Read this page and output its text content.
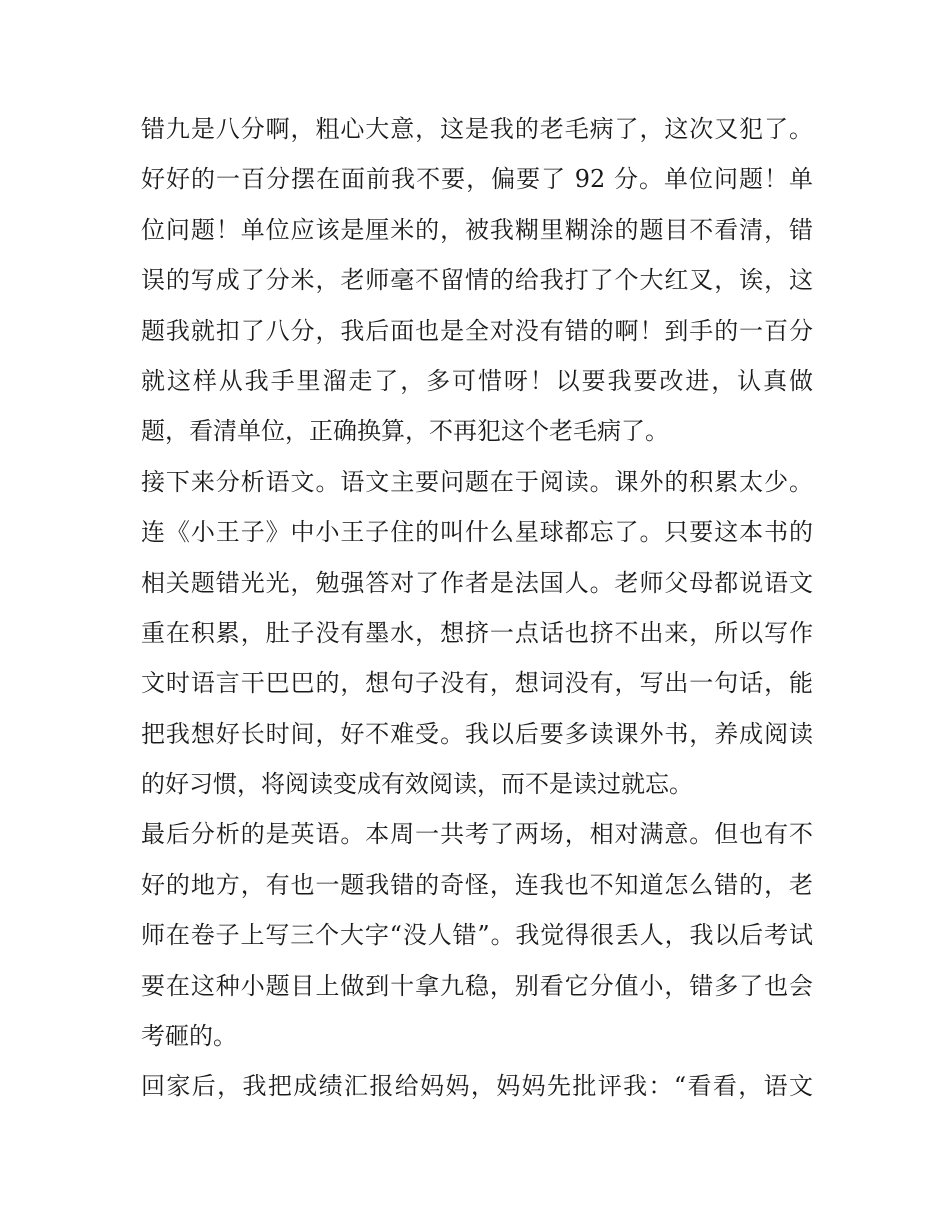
错九是八分啊，粗心大意，这是我的老毛病了，这次又犯了。
好好的一百分摆在面前我不要，偏要了 92 分。单位问题！单
位问题！单位应该是厘米的，被我糊里糊涂的题目不看清，错
误的写成了分米，老师毫不留情的给我打了个大红叉，诶，这
题我就扣了八分，我后面也是全对没有错的啊！到手的一百分
就这样从我手里溜走了，多可惜呀！以要我要改进，认真做
题，看清单位，正确换算，不再犯这个老毛病了。
接下来分析语文。语文主要问题在于阅读。课外的积累太少。
连《小王子》中小王子住的叫什么星球都忘了。只要这本书的
相关题错光光，勉强答对了作者是法国人。老师父母都说语文
重在积累，肚子没有墨水，想挤一点话也挤不出来，所以写作
文时语言干巴巴的，想句子没有，想词没有，写出一句话，能
把我想好长时间，好不难受。我以后要多读课外书，养成阅读
的好习惯，将阅读变成有效阅读，而不是读过就忘。
最后分析的是英语。本周一共考了两场，相对满意。但也有不
好的地方，有也一题我错的奇怪，连我也不知道怎么错的，老
师在卷子上写三个大字“没人错”。我觉得很丢人，我以后考试
要在这种小题目上做到十拿九稳，别看它分值小，错多了也会
考砸的。
回家后，我把成绩汇报给妈妈，妈妈先批评我：“看看，语文
